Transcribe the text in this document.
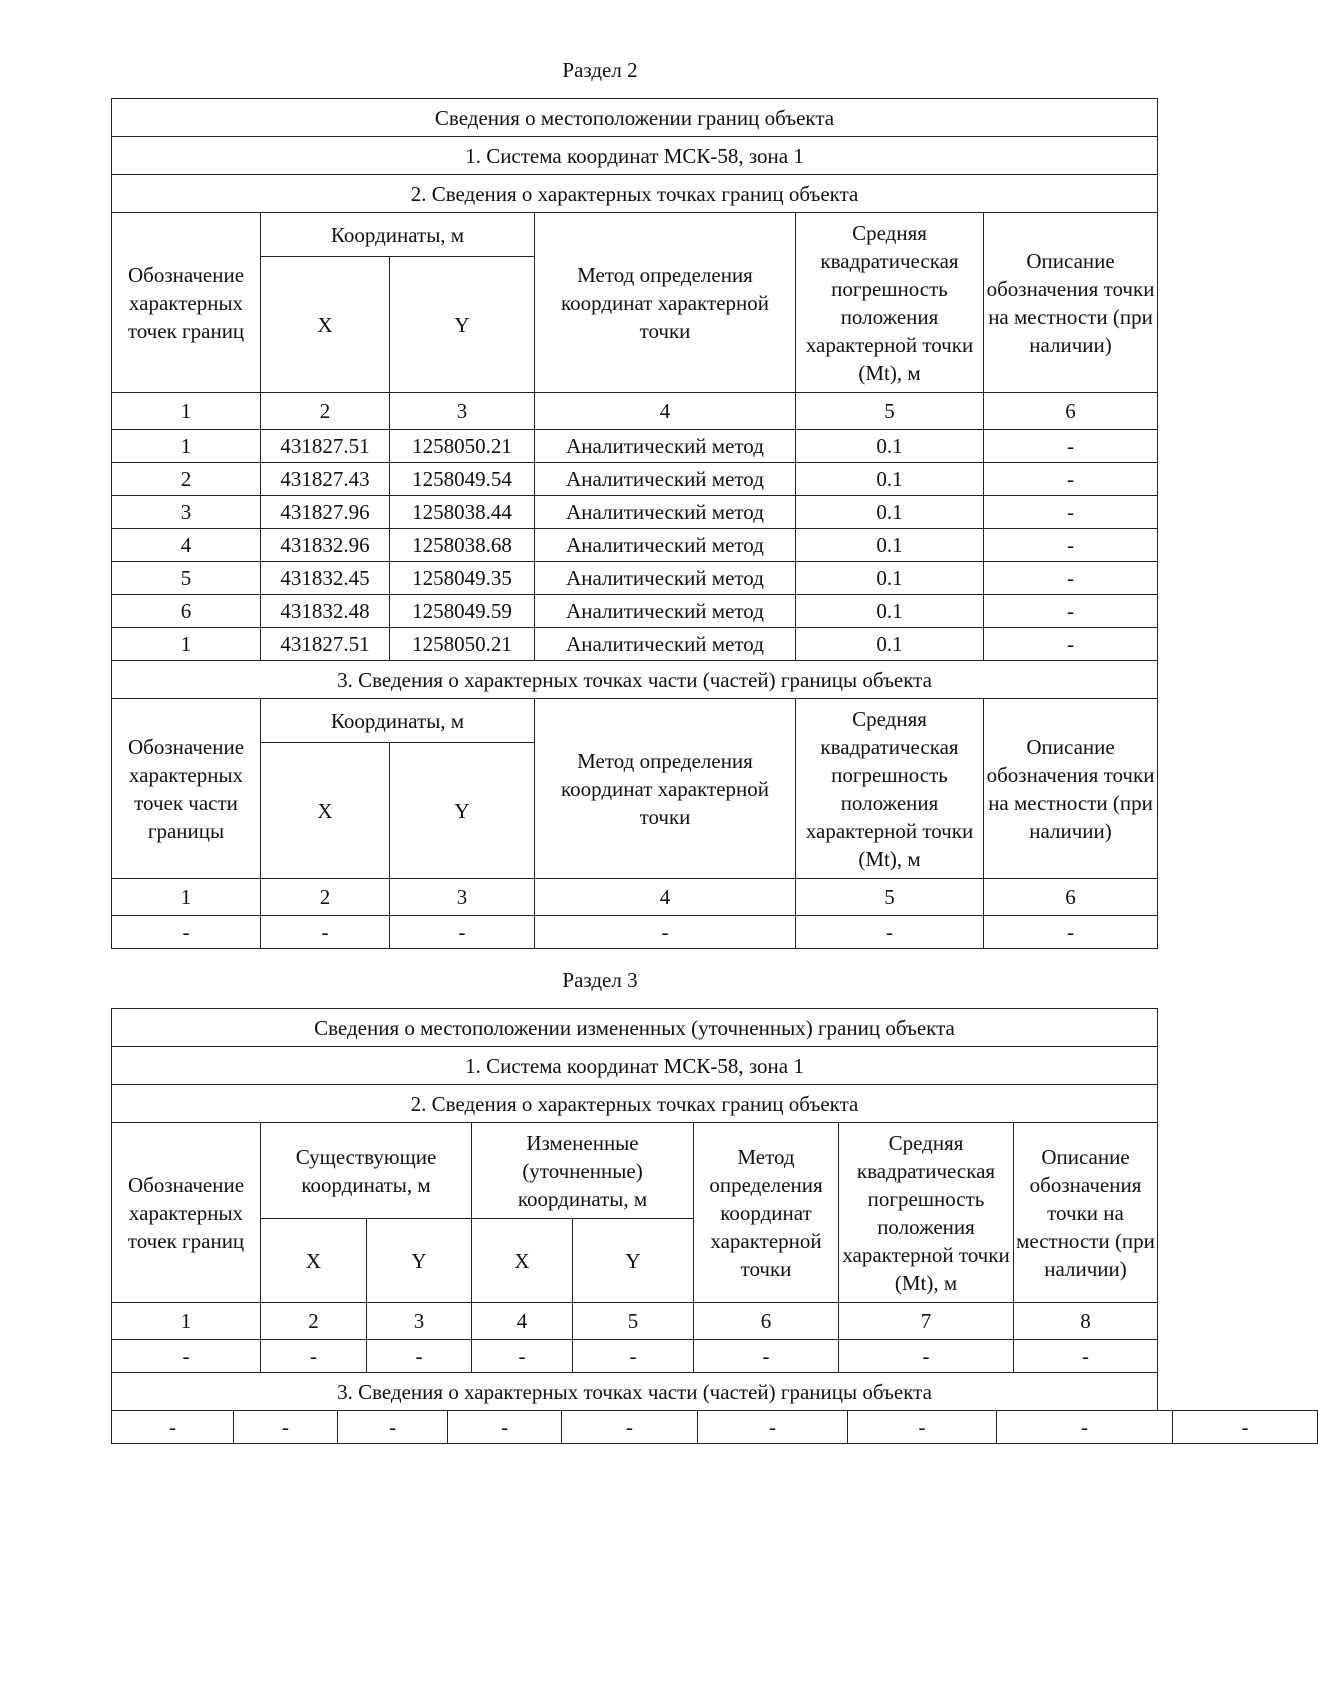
Раздел 2
Сведения о местоположении границ объекта					
1. Система координат МСК-58, зона 1					
2. Сведения о характерных точках границ объекта					
Обозначение характерных точек границ	Координаты, м		Метод определения координат характерной точки	Средняя квадратическая погрешность положения характерной точки (Mt), м	Описание обозначения точки на местности (при наличии)
	X	Y			
1	2	3	4	5	6
1	431827.51	1258050.21	Аналитический метод	0.1	-
2	431827.43	1258049.54	Аналитический метод	0.1	-
3	431827.96	1258038.44	Аналитический метод	0.1	-
4	431832.96	1258038.68	Аналитический метод	0.1	-
5	431832.45	1258049.35	Аналитический метод	0.1	-
6	431832.48	1258049.59	Аналитический метод	0.1	-
1	431827.51	1258050.21	Аналитический метод	0.1	-
3. Сведения о характерных точках части (частей) границы объекта					
Обозначение характерных точек части границы	Координаты, м		Метод определения координат характерной точки	Средняя квадратическая погрешность положения характерной точки (Mt), м	Описание обозначения точки на местности (при наличии)
	X	Y			
1	2	3	4	5	6
-	-	-	-	-	-
Раздел 3
Сведения о местоположении измененных (уточненных) границ объекта							
1. Система координат МСК-58, зона 1							
2. Сведения о характерных точках границ объекта							
Обозначение характерных точек границ	Существующие координаты, м		Измененные (уточненные) координаты, м		Метод определения координат характерной точки	Средняя квадратическая погрешность положения характерной точки (Mt), м	Описание обозначения точки на местности (при наличии)
	X	Y	X	Y			
1	2	3	4	5	6	7	8
-	-	-	-	-	-	-	-
3. Сведения о характерных точках части (частей) границы объекта							
-	-	-	-	-	-	-	-	-
